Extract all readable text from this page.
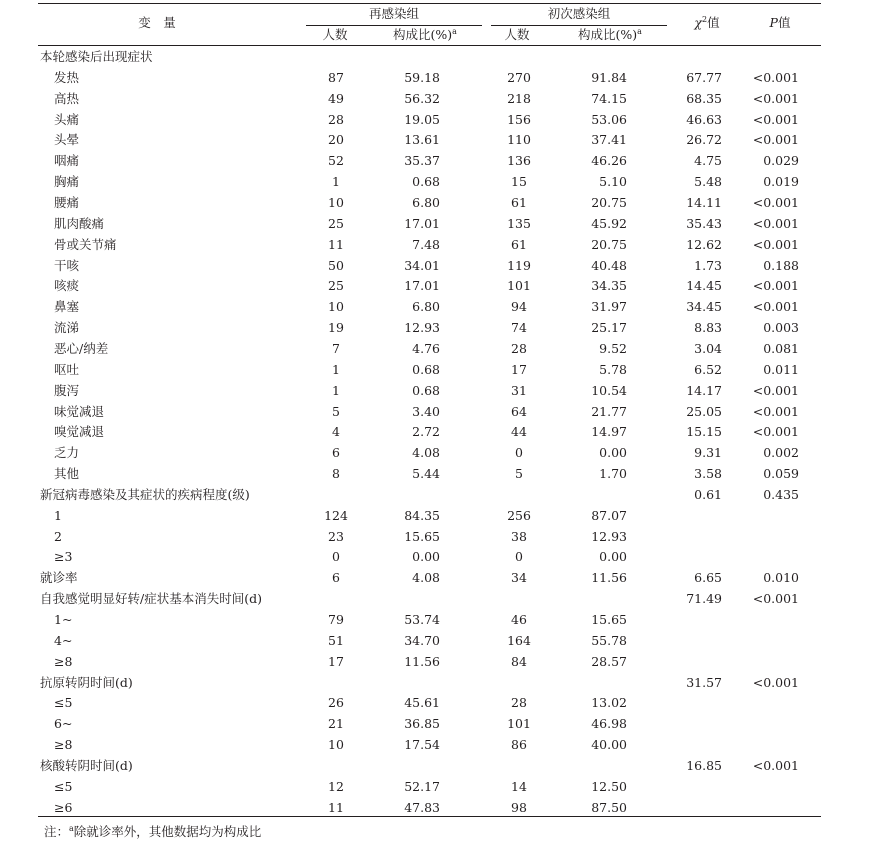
变　量
再感染组	初次感染组
人数	构成比(%)$^a$	人数	构成比(%)$^a$
$\chi^2$值	P值
本轮感染后出现症状
发热	87	59.18	270	91.84	67.77 <0.001
高热	49	56.32	218	74.15	68.35 <0.001
头痛	28	19.05	156	53.06	46.63 <0.001
头晕	20	13.61	110	37.41	26.72 <0.001
咽痛	52	35.37	136	46.26	4.75	0.029
胸痛	1	0.68	15	5.10	5.48	0.019
腰痛	10	6.80	61	20.75	14.11 <0.001
肌肉酸痛	25	17.01	135	45.92	35.43 <0.001
骨或关节痛	11	7.48	61	20.75	12.62 <0.001
干咳	50	34.01	119	40.48	1.73	0.188
咳痰	25	17.01	101	34.35	14.45 <0.001
鼻塞	10	6.80	94	31.97	34.45 <0.001
流涕	19	12.93	74	25.17	8.83	0.003
恶心/纳差	7	4.76	28	9.52	3.04	0.081
呕吐	1	0.68	17	5.78	6.52	0.011
腹泻	1	0.68	31	10.54	14.17 <0.001
味觉减退	5	3.40	64	21.77	25.05 <0.001
嗅觉减退	4	2.72	44	14.97	15.15 <0.001
乏力	6	4.08	0	0.00	9.31	0.002
其他	8	5.44	5	1.70	3.58	0.059
新冠病毒感染及其症状的疾病程度(级)	0.61	0.435
1	124	84.35	256	87.07
2	23	15.65	38	12.93
≥3	0	0.00	0	0.00
就诊率	6	4.08	34	11.56	6.65	0.010
自我感觉明显好转/症状基本消失时间(d)	71.49 <0.001
1~	79	53.74	46	15.65
4~	51	34.70	164	55.78
≥8	17	11.56	84	28.57
抗原转阴时间(d)	31.57 <0.001
≤5	26	45.61	28	13.02
6~	21	36.85	101	46.98
≥8	10	17.54	86	40.00
核酸转阴时间(d)	16.85 <0.001
≤5	12	52.17	14	12.50
≥6	11	47.83	98	87.50
注：$^a$除就诊率外，其他数据均为构成比
